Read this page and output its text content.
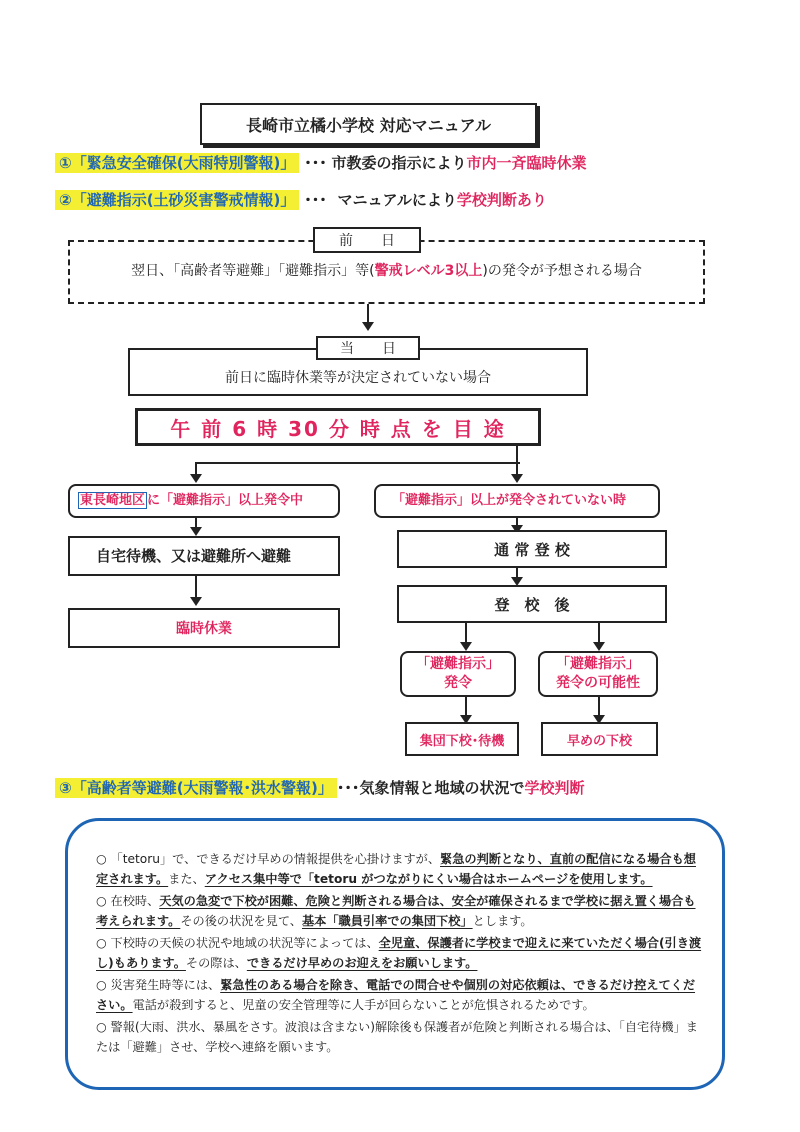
長崎市立橘小学校 対応マニュアル
①「緊急安全確保(大雨特別警報)」 ･･･ 市教委の指示により市内一斉臨時休業
②「避難指示(土砂災害警戒情報)」 ･･･ マニュアルにより学校判断あり
前　　日
翌日、「高齢者等避難」「避難指示」等(警戒レベル3以上)の発令が予想される場合
当　　日
前日に臨時休業等が決定されていない場合
午 前 6 時 30 分 時 点 を 目 途
東長崎地区 に「避難指示」以上発令中
自宅待機、又は避難所へ避難
臨時休業
「避難指示」以上が発令されていない時
通 常 登 校
登　校　後
「避難指示」
発令
「避難指示」
発令の可能性
集団下校･待機	早めの下校
③「高齢者等避難(大雨警報･洪水警報)」 ･･･気象情報と地域の状況で学校判断

○ 「tetoru」で、できるだけ早めの情報提供を心掛けますが、緊急の判断となり、直前の配信になる場合も想定されます。また、アクセス集中等で「tetoru がつながりにくい場合はホームページを使用します。

○ 在校時、天気の急変で下校が困難、危険と判断される場合は、安全が確保されるまで学校に据え置く場合も考えられます。その後の状況を見て、基本「職員引率での集団下校」とします。

○ 下校時の天候の状況や地域の状況等によっては、全児童、保護者に学校まで迎えに来ていただく場合(引き渡し)もあります。その際は、できるだけ早めのお迎えをお願いします。

○ 災害発生時等には、緊急性のある場合を除き、電話での問合せや個別の対応依頼は、できるだけ控えてください。電話が殺到すると、児童の安全管理等に人手が回らないことが危惧されるためです。

○ 警報(大雨、洪水、暴風をさす。波浪は含まない)解除後も保護者が危険と判断される場合は、「自宅待機」または「避難」させ、学校へ連絡を願います。
